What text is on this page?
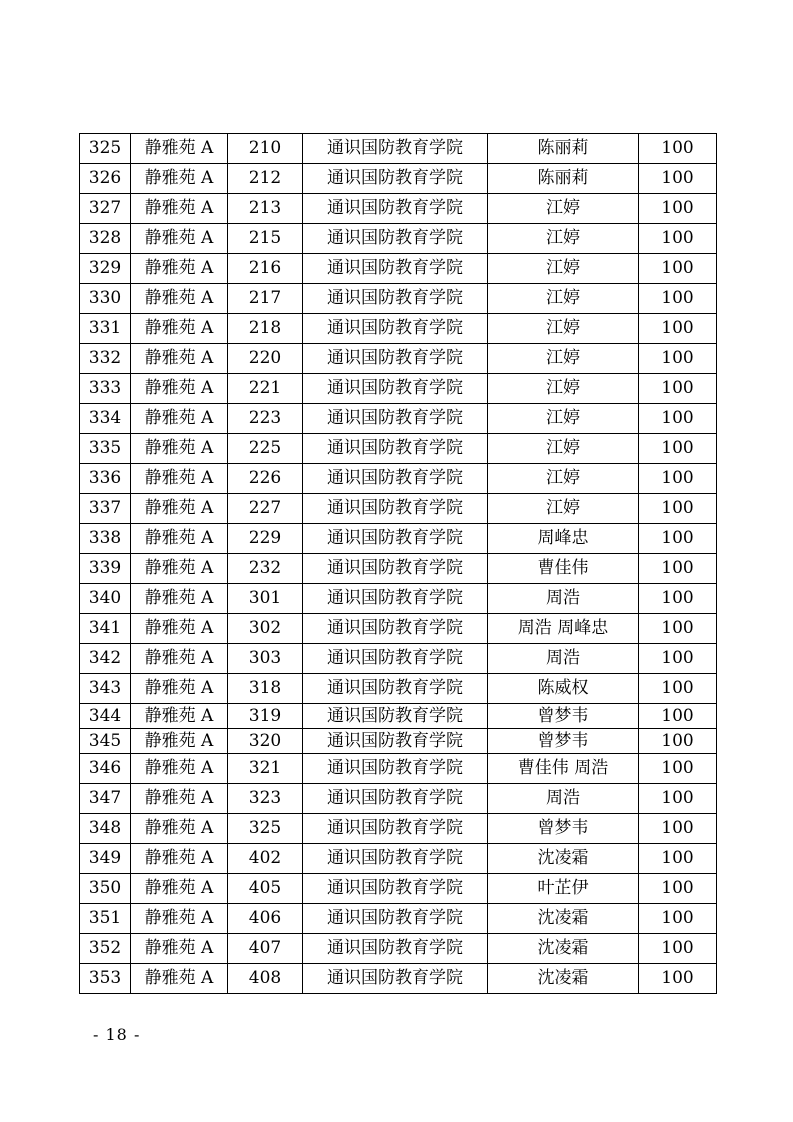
325	静雅苑 A	210	通识国防教育学院	陈丽莉	100
326	静雅苑 A	212	通识国防教育学院	陈丽莉	100
327	静雅苑 A	213	通识国防教育学院	江婷	100
328	静雅苑 A	215	通识国防教育学院	江婷	100
329	静雅苑 A	216	通识国防教育学院	江婷	100
330	静雅苑 A	217	通识国防教育学院	江婷	100
331	静雅苑 A	218	通识国防教育学院	江婷	100
332	静雅苑 A	220	通识国防教育学院	江婷	100
333	静雅苑 A	221	通识国防教育学院	江婷	100
334	静雅苑 A	223	通识国防教育学院	江婷	100
335	静雅苑 A	225	通识国防教育学院	江婷	100
336	静雅苑 A	226	通识国防教育学院	江婷	100
337	静雅苑 A	227	通识国防教育学院	江婷	100
338	静雅苑 A	229	通识国防教育学院	周峰忠	100
339	静雅苑 A	232	通识国防教育学院	曹佳伟	100
340	静雅苑 A	301	通识国防教育学院	周浩	100
341	静雅苑 A	302	通识国防教育学院	周浩 周峰忠	100
342	静雅苑 A	303	通识国防教育学院	周浩	100
343	静雅苑 A	318	通识国防教育学院	陈威权	100
344	静雅苑 A	319	通识国防教育学院	曾梦韦	100
345	静雅苑 A	320	通识国防教育学院	曾梦韦	100
346	静雅苑 A	321	通识国防教育学院	曹佳伟 周浩	100
347	静雅苑 A	323	通识国防教育学院	周浩	100
348	静雅苑 A	325	通识国防教育学院	曾梦韦	100
349	静雅苑 A	402	通识国防教育学院	沈凌霜	100
350	静雅苑 A	405	通识国防教育学院	叶芷伊	100
351	静雅苑 A	406	通识国防教育学院	沈凌霜	100
352	静雅苑 A	407	通识国防教育学院	沈凌霜	100
353	静雅苑 A	408	通识国防教育学院	沈凌霜	100
- 18 -
